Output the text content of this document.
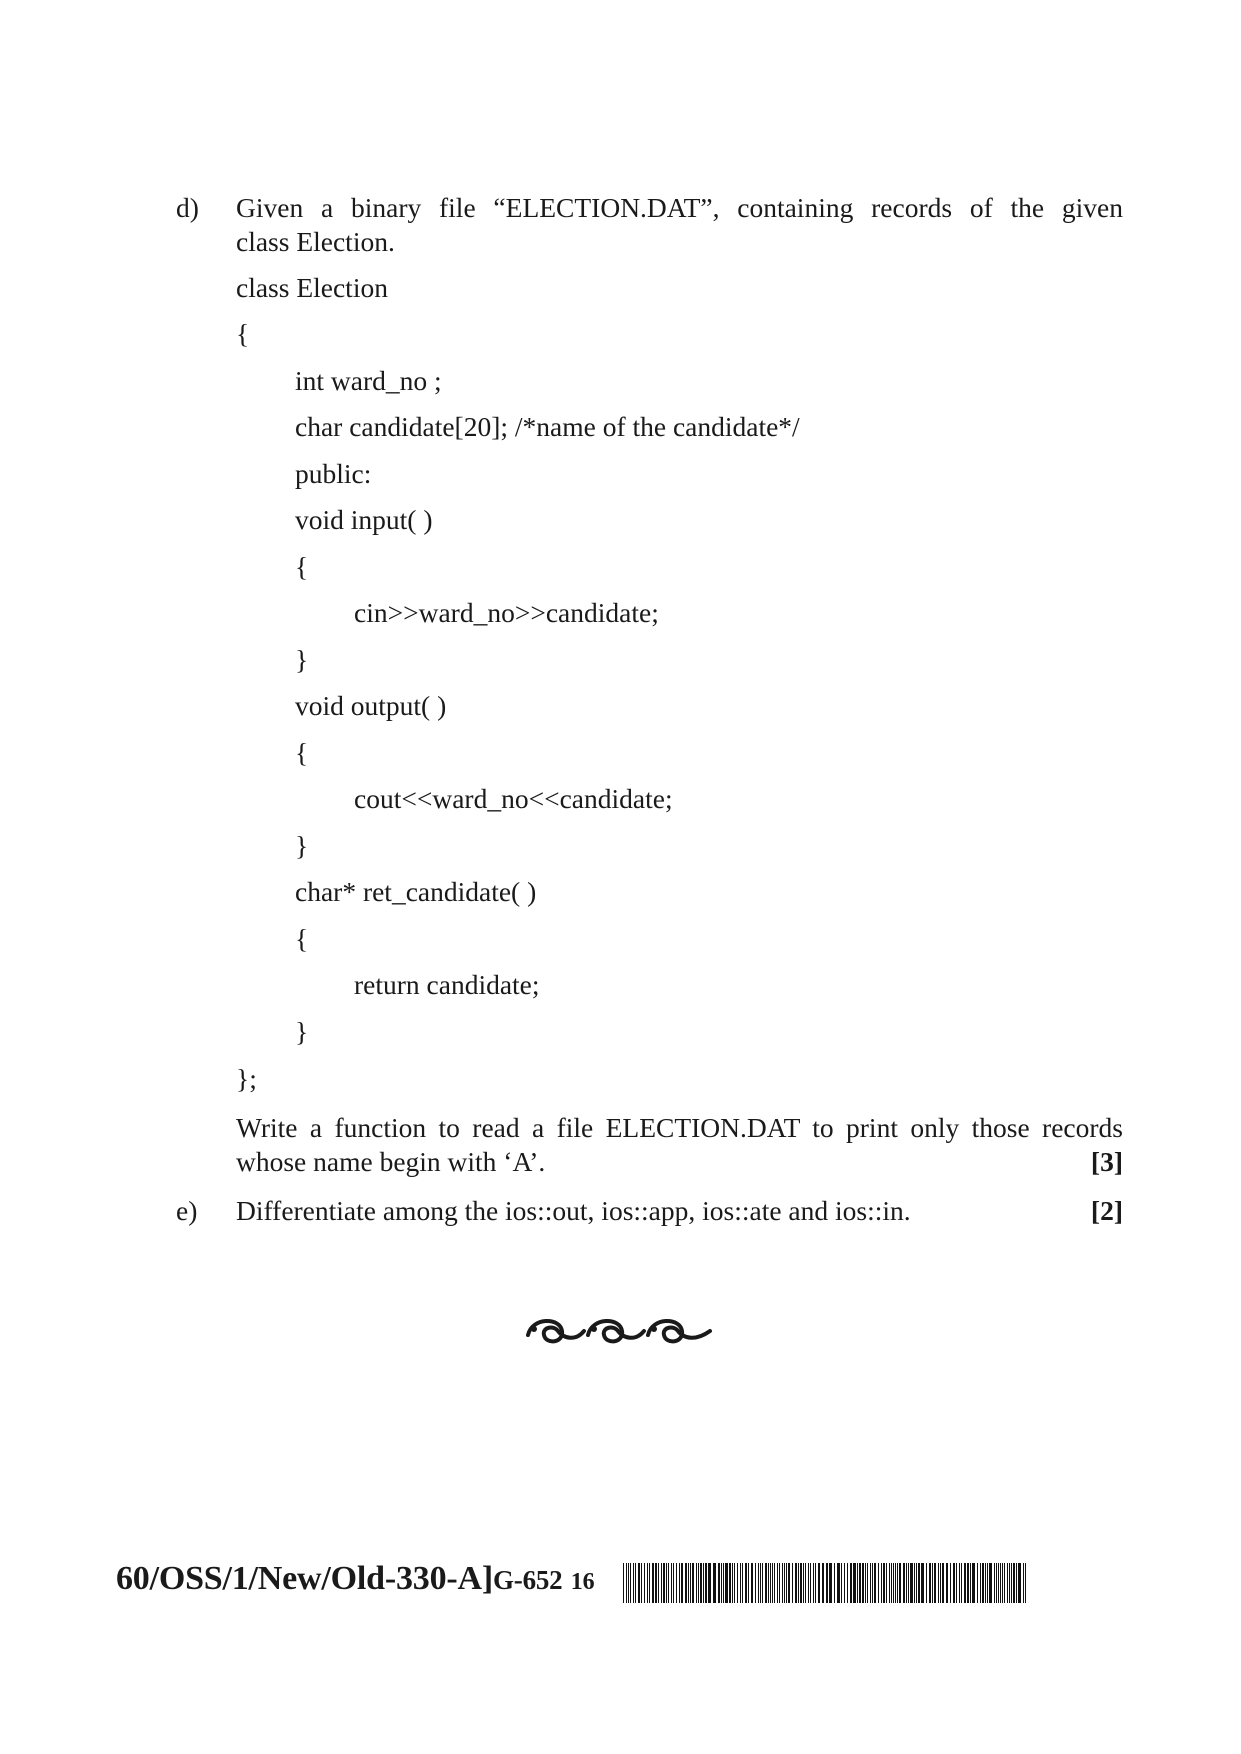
d) Given a binary file “ELECTION.DAT”, containing records of the given
class Election.
class Election
{
int ward_no ;
char candidate[20]; /*name of the candidate*/
public:
void input( )
{
cin>>ward_no>>candidate;
}
void output( )
{
cout<<ward_no<<candidate;
}
char* ret_candidate( )
{
return candidate;
}
};
Write a function to read a file ELECTION.DAT to print only those records
whose name begin with ‘A’.	[3]
e) Differentiate among the ios::out, ios::app, ios::ate and ios::in.	[2]
60/OSS/1/New/Old-330-A]G-652 16
